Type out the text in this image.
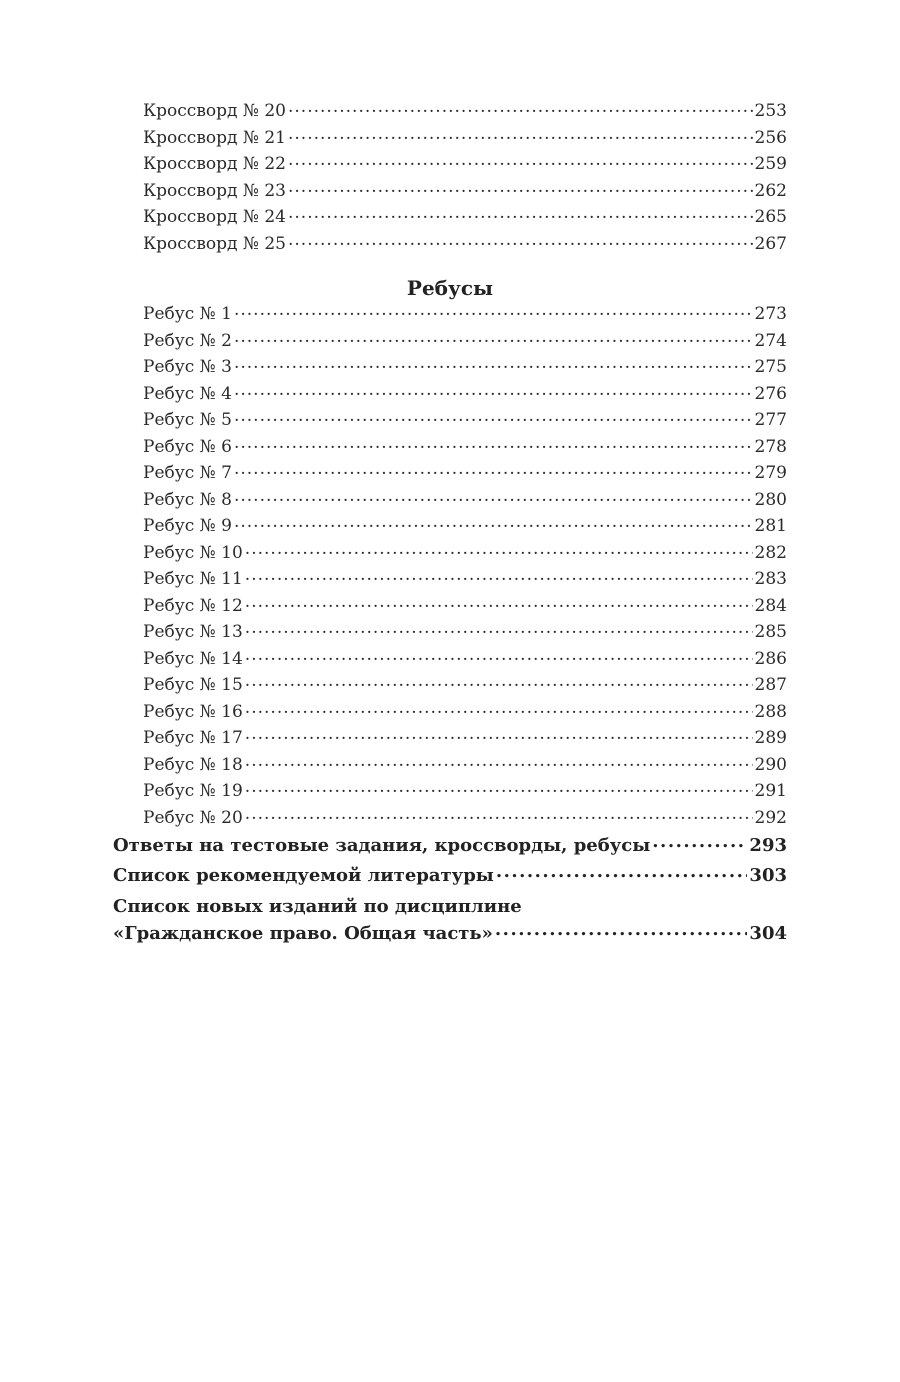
Кроссворд № 20 .....	253
Кроссворд № 21 .....	256
Кроссворд № 22 .....	259
Кроссворд № 23 .....	262
Кроссворд № 24 .....	265
Кроссворд № 25 .....	267
Ребусы
Ребус № 1 .....	273
Ребус № 2 .....	274
Ребус № 3 .....	275
Ребус № 4 .....	276
Ребус № 5 .....	277
Ребус № 6 .....	278
Ребус № 7 .....	279
Ребус № 8 .....	280
Ребус № 9 .....	281
Ребус № 10 .....	282
Ребус № 11 .....	283
Ребус № 12 .....	284
Ребус № 13 .....	285
Ребус № 14 .....	286
Ребус № 15 .....	287
Ребус № 16 .....	288
Ребус № 17 .....	289
Ребус № 18 .....	290
Ребус № 19 .....	291
Ребус № 20 .....	292
Ответы на тестовые задания, кроссворды, ребусы .....	293
Список рекомендуемой литературы .....	303
Список новых изданий по дисциплине
«Гражданское право. Общая часть» .....	304
